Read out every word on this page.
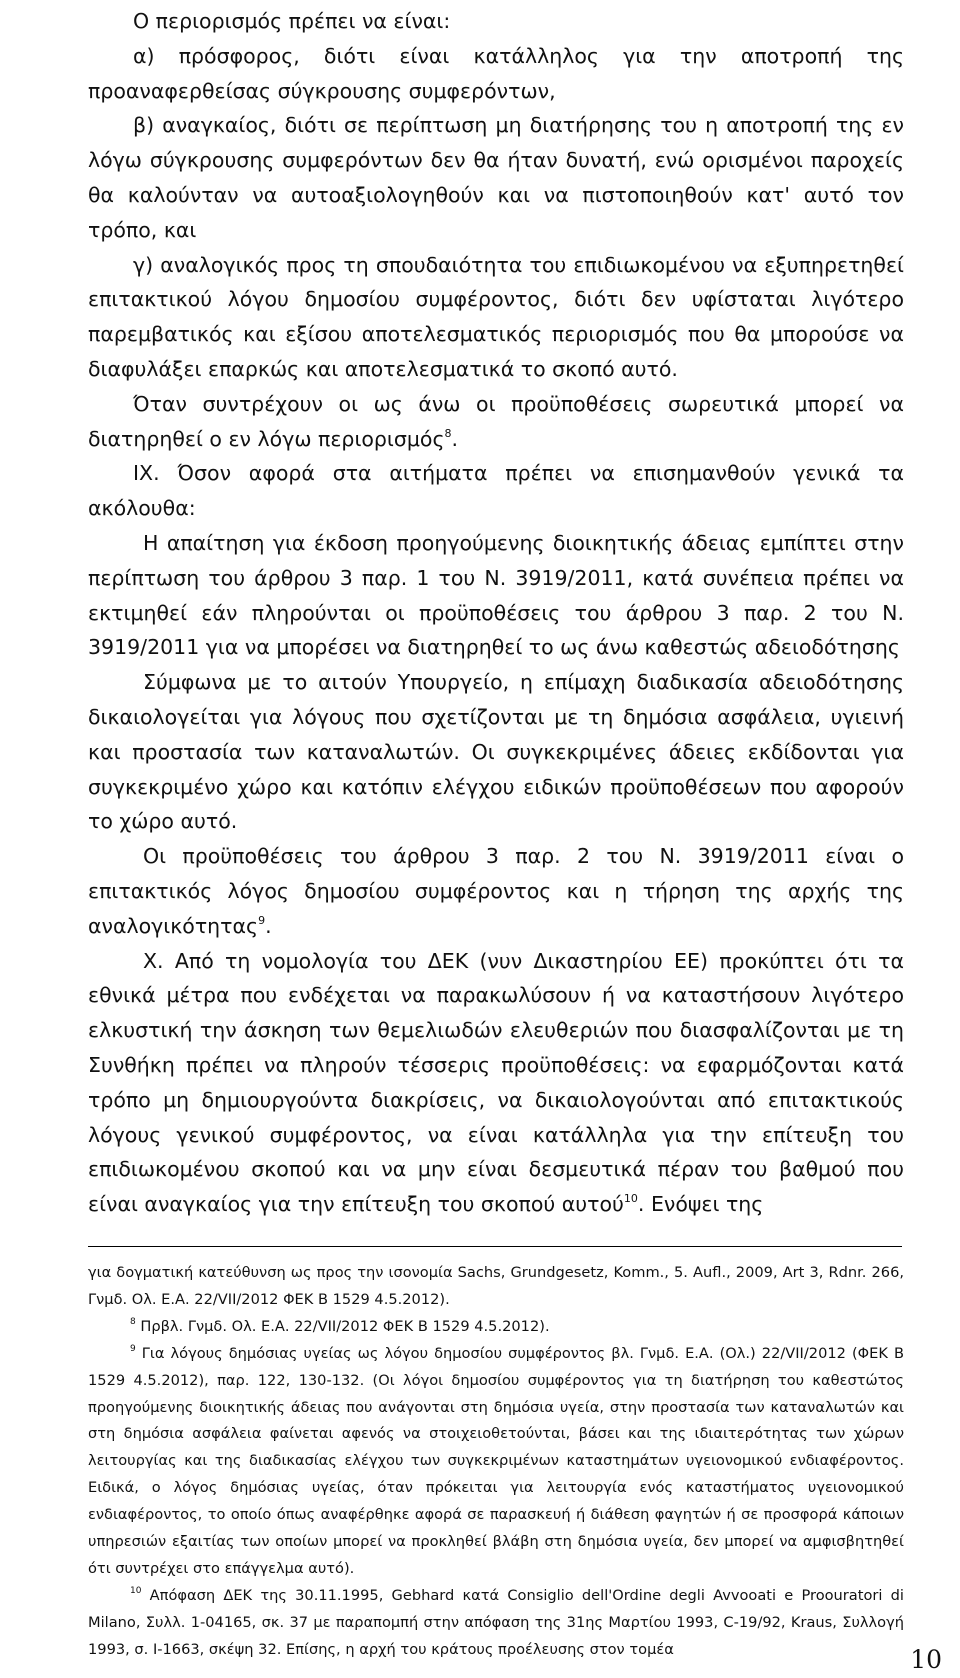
Ο περιορισμός πρέπει να είναι:

α) πρόσφορος, διότι είναι κατάλληλος για την αποτροπή της προαναφερθείσας σύγκρουσης συμφερόντων,

β) αναγκαίος, διότι σε περίπτωση μη διατήρησης του η αποτροπή της εν λόγω σύγκρουσης συμφερόντων δεν θα ήταν δυνατή, ενώ ορισμένοι παροχείς θα καλούνταν να αυτοαξιολογηθούν και να πιστοποιηθούν κατ' αυτό τον τρόπο, και

γ) αναλογικός προς τη σπουδαιότητα του επιδιωκομένου να εξυπηρετηθεί επιτακτικού λόγου δημοσίου συμφέροντος, διότι δεν υφίσταται λιγότερο παρεμβατικός και εξίσου αποτελεσματικός περιορισμός που θα μπορούσε να διαφυλάξει επαρκώς και αποτελεσματικά το σκοπό αυτό.

Όταν συντρέχουν οι ως άνω οι προϋποθέσεις σωρευτικά μπορεί να διατηρηθεί ο εν λόγω περιορισμός$^8$.

IX. Όσον αφορά στα αιτήματα πρέπει να επισημανθούν γενικά τα ακόλουθα:

Η απαίτηση για έκδοση προηγούμενης διοικητικής άδειας εμπίπτει στην περίπτωση του άρθρου 3 παρ. 1 του Ν. 3919/2011, κατά συνέπεια πρέπει να εκτιμηθεί εάν πληρούνται οι προϋποθέσεις του άρθρου 3 παρ. 2 του Ν. 3919/2011 για να μπορέσει να διατηρηθεί το ως άνω καθεστώς αδειοδότησης

Σύμφωνα με το αιτούν Υπουργείο, η επίμαχη διαδικασία αδειοδότησης δικαιολογείται για λόγους που σχετίζονται με τη δημόσια ασφάλεια, υγιεινή και προστασία των καταναλωτών. Οι συγκεκριμένες άδειες εκδίδονται για συγκεκριμένο χώρο και κατόπιν ελέγχου ειδικών προϋποθέσεων που αφορούν το χώρο αυτό.

Οι προϋποθέσεις του άρθρου 3 παρ. 2 του Ν. 3919/2011 είναι ο επιτακτικός λόγος δημοσίου συμφέροντος και η τήρηση της αρχής της αναλογικότητας$^9$.

Χ. Από τη νομολογία του ΔΕΚ (νυν Δικαστηρίου ΕΕ) προκύπτει ότι τα εθνικά μέτρα που ενδέχεται να παρακωλύσουν ή να καταστήσουν λιγότερο ελκυστική την άσκηση των θεμελιωδών ελευθεριών που διασφαλίζονται με τη Συνθήκη πρέπει να πληρούν τέσσερις προϋποθέσεις: να εφαρμόζονται κατά τρόπο μη δημιουργούντα διακρίσεις, να δικαιολογούνται από επιτακτικούς λόγους γενικού συμφέροντος, να είναι κατάλληλα για την επίτευξη του επιδιωκομένου σκοπού και να μην είναι δεσμευτικά πέραν του βαθμού που είναι αναγκαίος για την επίτευξη του σκοπού αυτού$^{10}$. Ενόψει της

για δογματική κατεύθυνση ως προς την ισονομία Sachs, Grundgesetz, Komm., 5. Aufl., 2009, Art 3, Rdnr. 266, Γνμδ. Ολ. Ε.Α. 22/VII/2012 ΦΕΚ Β 1529 4.5.2012).

$^8$ Πρβλ. Γνμδ. Ολ. Ε.Α. 22/VII/2012 ΦΕΚ Β 1529 4.5.2012).

$^9$ Για λόγους δημόσιας υγείας ως λόγου δημοσίου συμφέροντος βλ. Γνμδ. Ε.Α. (Ολ.) 22/VII/2012 (ΦΕΚ Β 1529 4.5.2012), παρ. 122, 130-132. (Οι λόγοι δημοσίου συμφέροντος για τη διατήρηση του καθεστώτος προηγούμενης διοικητικής άδειας που ανάγονται στη δημόσια υγεία, στην προστασία των καταναλωτών και στη δημόσια ασφάλεια φαίνεται αφενός να στοιχειοθετούνται, βάσει και της ιδιαιτερότητας των χώρων λειτουργίας και της διαδικασίας ελέγχου των συγκεκριμένων καταστημάτων υγειονομικού ενδιαφέροντος. Ειδικά, ο λόγος δημόσιας υγείας, όταν πρόκειται για λειτουργία ενός καταστήματος υγειονομικού ενδιαφέροντος, το οποίο όπως αναφέρθηκε αφορά σε παρασκευή ή διάθεση φαγητών ή σε προσφορά κάποιων υπηρεσιών εξαιτίας των οποίων μπορεί να προκληθεί βλάβη στη δημόσια υγεία, δεν μπορεί να αμφισβητηθεί ότι συντρέχει στο επάγγελμα αυτό).

$^{10}$ Απόφαση ΔΕΚ της 30.11.1995, Gebhard κατά Consiglio dell'Ordine degli Avvooati e Proouratori di Milano, Συλλ. 1-04165, σκ. 37 με παραπομπή στην απόφαση της 31ης Μαρτίου 1993, C-19/92, Kraus, Συλλογή 1993, σ. I-1663, σκέψη 32. Επίσης, η αρχή του κράτους προέλευσης στον τομέα	10
